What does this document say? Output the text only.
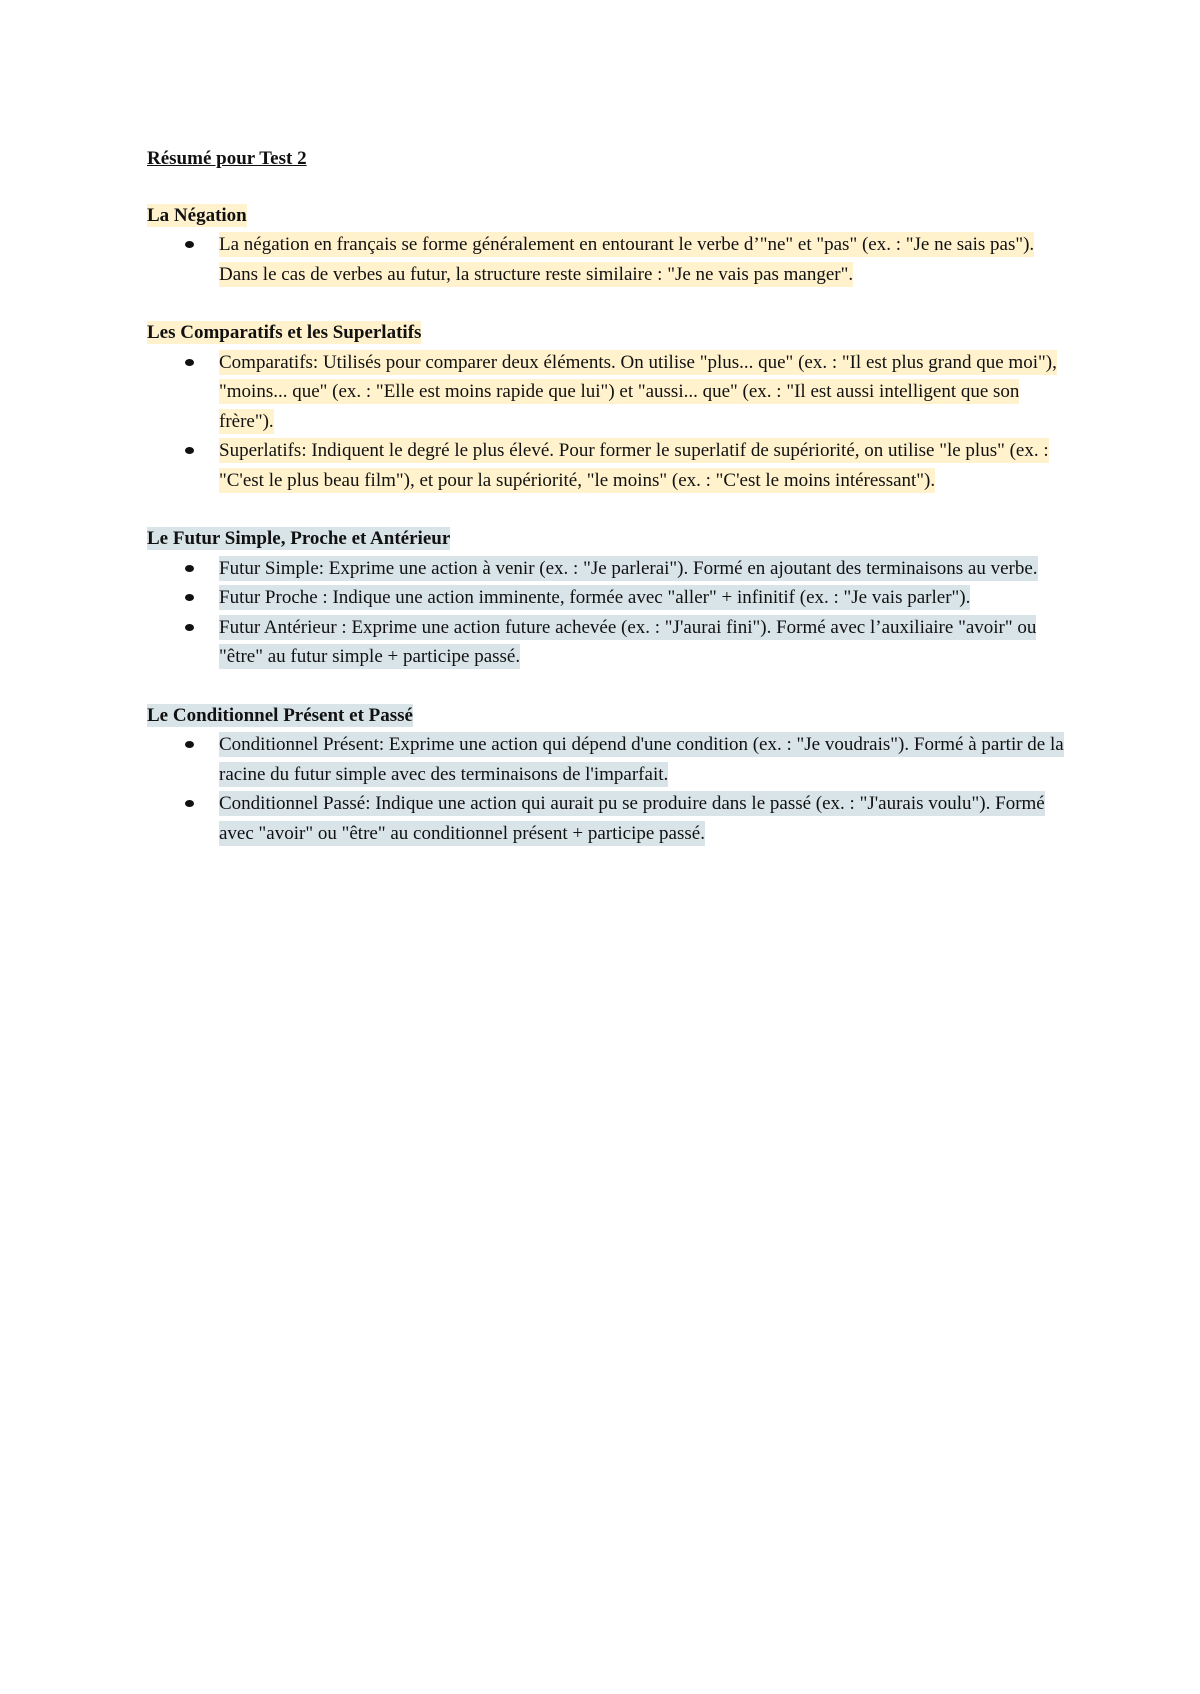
Résumé pour Test 2
La Négation
La négation en français se forme généralement en entourant le verbe d’"ne" et "pas" (ex. : "Je ne sais pas"). Dans le cas de verbes au futur, la structure reste similaire : "Je ne vais pas manger".
Les Comparatifs et les Superlatifs
Comparatifs: Utilisés pour comparer deux éléments. On utilise "plus... que" (ex. : "Il est plus grand que moi"), "moins... que" (ex. : "Elle est moins rapide que lui") et "aussi... que" (ex. : "Il est aussi intelligent que son frère").
Superlatifs: Indiquent le degré le plus élevé. Pour former le superlatif de supériorité, on utilise "le plus" (ex. : "C'est le plus beau film"), et pour la supériorité, "le moins" (ex. : "C'est le moins intéressant").
Le Futur Simple, Proche et Antérieur
Futur Simple: Exprime une action à venir (ex. : "Je parlerai"). Formé en ajoutant des terminaisons au verbe.
Futur Proche : Indique une action imminente, formée avec "aller" + infinitif (ex. : "Je vais parler").
Futur Antérieur : Exprime une action future achevée (ex. : "J'aurai fini"). Formé avec l’auxiliaire "avoir" ou "être" au futur simple + participe passé.
Le Conditionnel Présent et Passé
Conditionnel Présent: Exprime une action qui dépend d'une condition (ex. : "Je voudrais"). Formé à partir de la racine du futur simple avec des terminaisons de l'imparfait.
Conditionnel Passé: Indique une action qui aurait pu se produire dans le passé (ex. : "J'aurais voulu"). Formé avec "avoir" ou "être" au conditionnel présent + participe passé.
